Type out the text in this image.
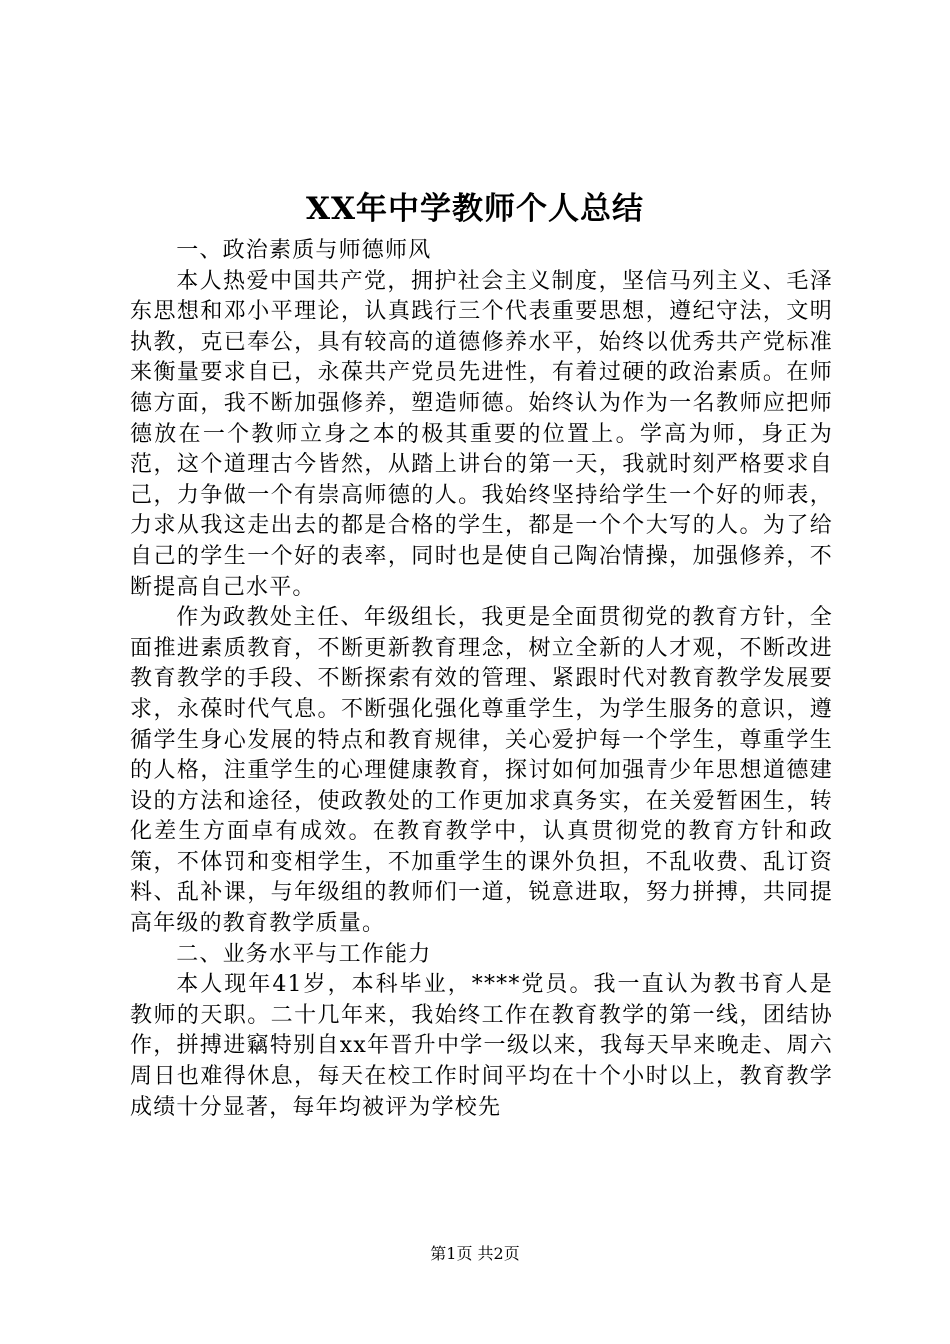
XX年中学教师个人总结

一、政治素质与师德师风

本人热爱中国共产党，拥护社会主义制度，坚信马列主义、毛泽东思想和邓小平理论，认真践行三个代表重要思想，遵纪守法，文明执教，克已奉公，具有较高的道德修养水平，始终以优秀共产党标准来衡量要求自已，永葆共产党员先进性，有着过硬的政治素质。在师德方面，我不断加强修养，塑造师德。始终认为作为一名教师应把师德放在一个教师立身之本的极其重要的位置上。学高为师，身正为范，这个道理古今皆然，从踏上讲台的第一天，我就时刻严格要求自己，力争做一个有崇高师德的人。我始终坚持给学生一个好的师表，力求从我这走出去的都是合格的学生，都是一个个大写的人。为了给自己的学生一个好的表率，同时也是使自己陶冶情操，加强修养，不断提高自己水平。

作为政教处主任、年级组长，我更是全面贯彻党的教育方针，全面推进素质教育，不断更新教育理念，树立全新的人才观，不断改进教育教学的手段、不断探索有效的管理、紧跟时代对教育教学发展要求，永葆时代气息。不断强化强化尊重学生，为学生服务的意识，遵循学生身心发展的特点和教育规律，关心爱护每一个学生，尊重学生的人格，注重学生的心理健康教育，探讨如何加强青少年思想道德建设的方法和途径，使政教处的工作更加求真务实，在关爱暂困生，转化差生方面卓有成效。在教育教学中，认真贯彻党的教育方针和政策，不体罚和变相学生，不加重学生的课外负担，不乱收费、乱订资料、乱补课，与年级组的教师们一道，锐意进取，努力拼搏，共同提高年级的教育教学质量。

二、业务水平与工作能力

本人现年41岁，本科毕业，****党员。我一直认为教书育人是教师的天职。二十几年来，我始终工作在教育教学的第一线，团结协作，拼搏进竊特别自xx年晋升中学一级以来，我每天早来晚走、周六周日也难得休息，每天在校工作时间平均在十个小时以上，教育教学成绩十分显著，每年均被评为学校先

第1页 共2页
